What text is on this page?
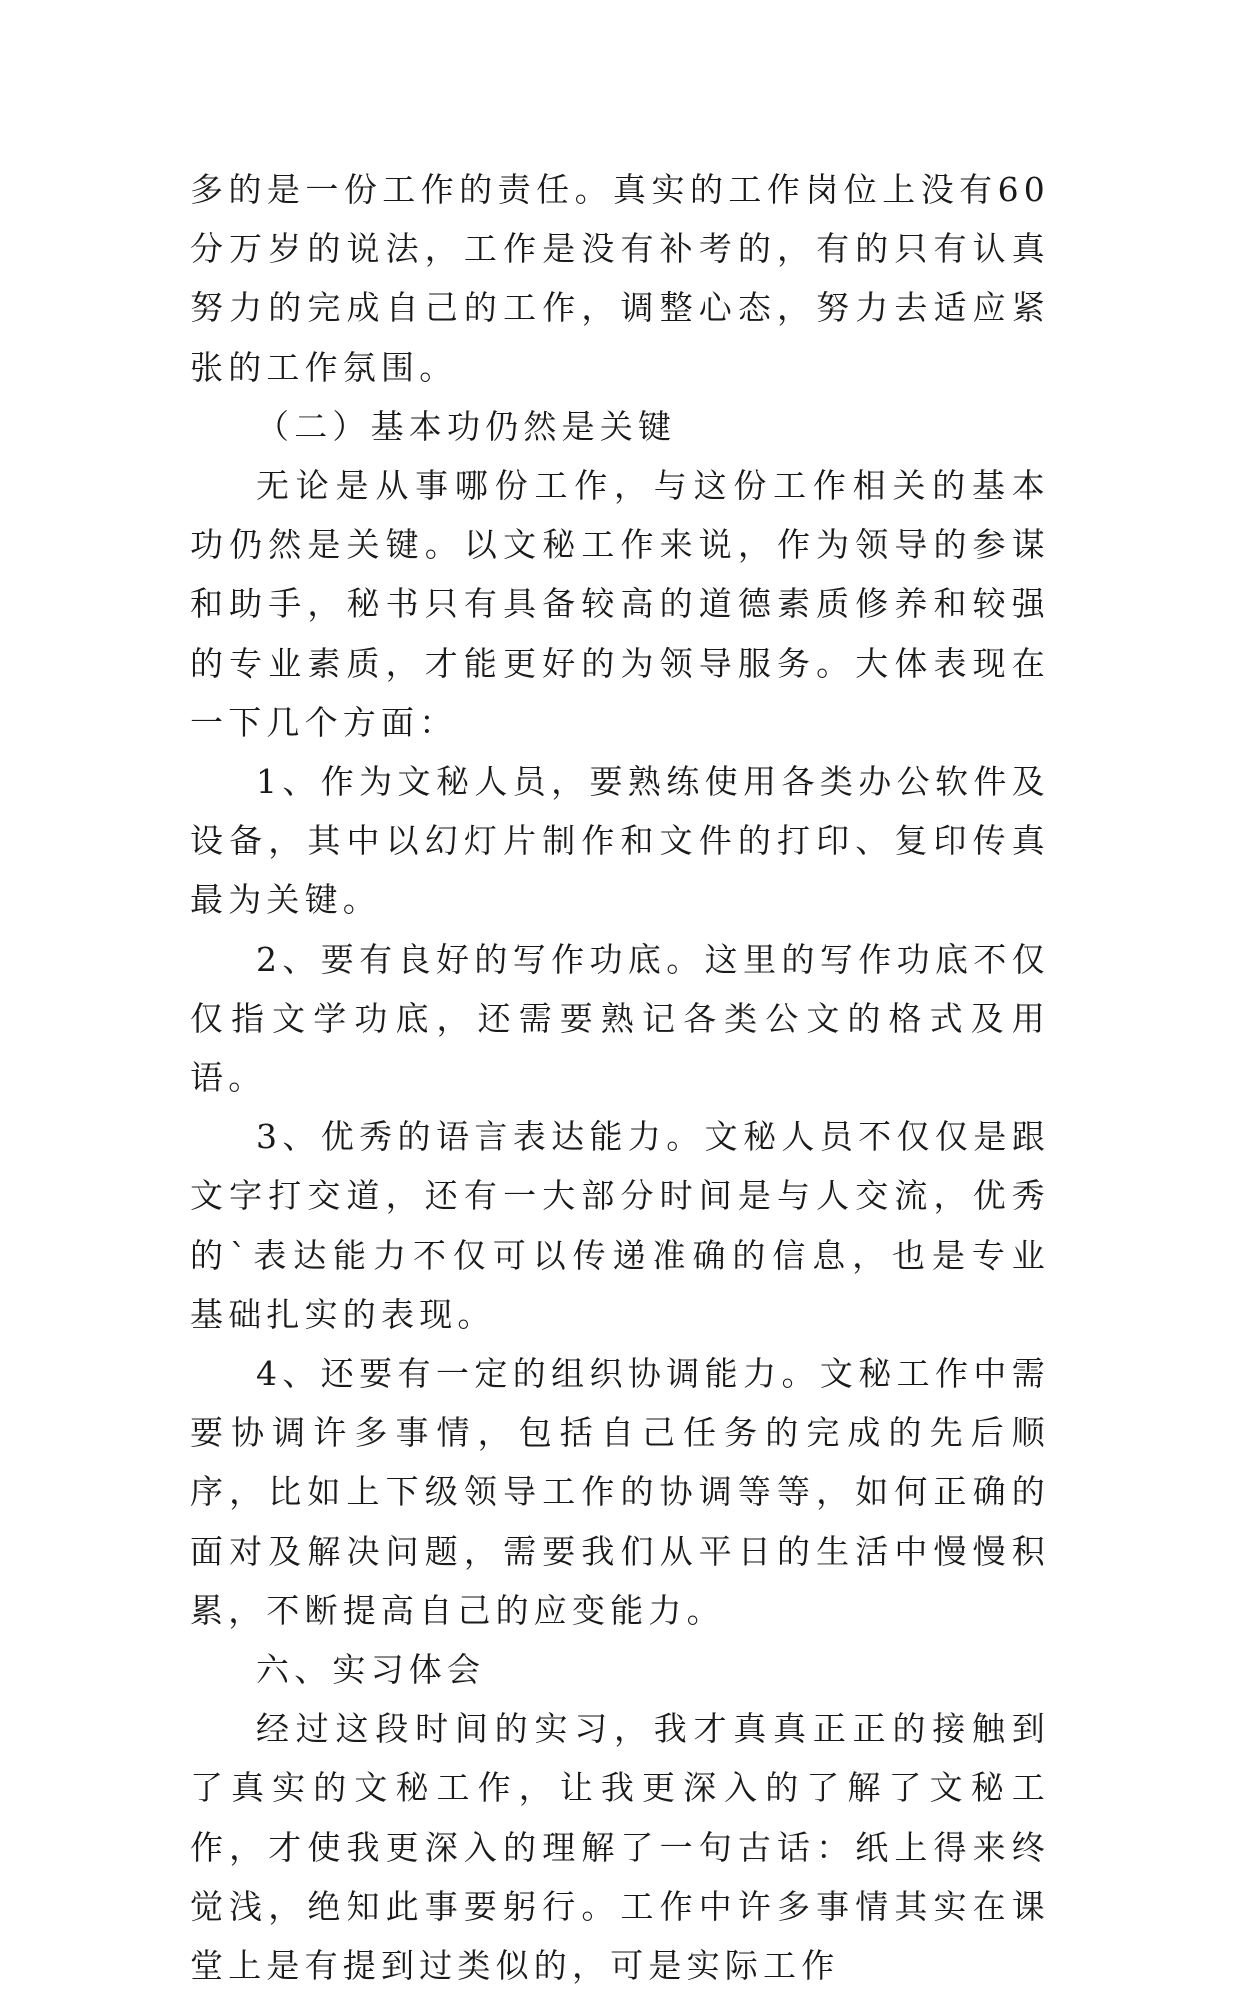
多的是一份工作的责任。真实的工作岗位上没有60分万岁的说法，工作是没有补考的，有的只有认真努力的完成自己的工作，调整心态，努力去适应紧张的工作氛围。

（二）基本功仍然是关键

无论是从事哪份工作，与这份工作相关的基本功仍然是关键。以文秘工作来说，作为领导的参谋和助手，秘书只有具备较高的道德素质修养和较强的专业素质，才能更好的为领导服务。大体表现在一下几个方面：

1、作为文秘人员，要熟练使用各类办公软件及设备，其中以幻灯片制作和文件的打印、复印传真最为关键。

2、要有良好的写作功底。这里的写作功底不仅仅指文学功底，还需要熟记各类公文的格式及用语。

3、优秀的语言表达能力。文秘人员不仅仅是跟文字打交道，还有一大部分时间是与人交流，优秀的`表达能力不仅可以传递准确的信息，也是专业基础扎实的表现。

4、还要有一定的组织协调能力。文秘工作中需要协调许多事情，包括自己任务的完成的先后顺序，比如上下级领导工作的协调等等，如何正确的面对及解决问题，需要我们从平日的生活中慢慢积累，不断提高自己的应变能力。

六、实习体会

经过这段时间的实习，我才真真正正的接触到了真实的文秘工作，让我更深入的了解了文秘工作，才使我更深入的理解了一句古话：纸上得来终觉浅，绝知此事要躬行。工作中许多事情其实在课堂上是有提到过类似的，可是实际工作
